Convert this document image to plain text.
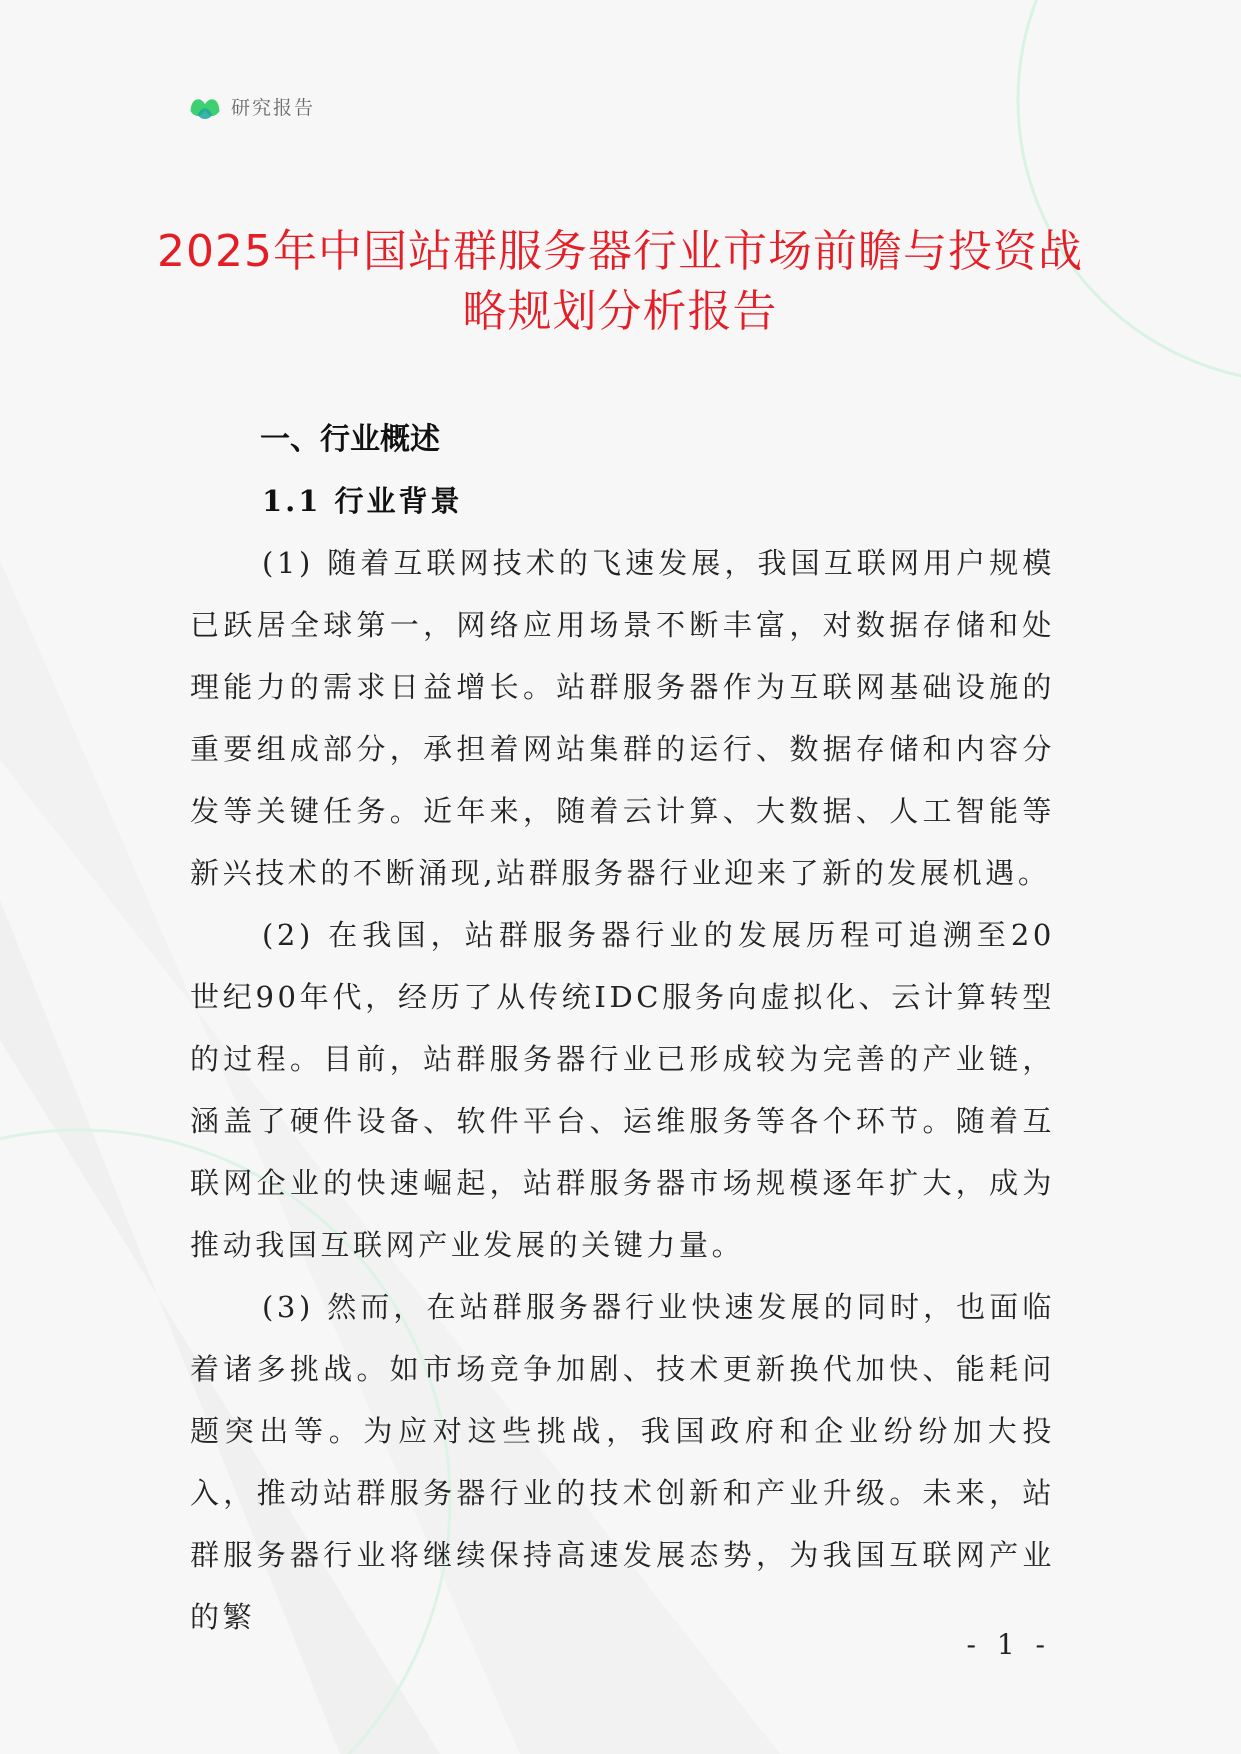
研究报告
2025年中国站群服务器行业市场前瞻与投资战略规划分析报告
一、行业概述
1.1 行业背景

(1) 随着互联网技术的飞速发展，我国互联网用户规模已跃居全球第一，网络应用场景不断丰富，对数据存储和处理能力的需求日益增长。站群服务器作为互联网基础设施的重要组成部分，承担着网站集群的运行、数据存储和内容分发等关键任务。近年来，随着云计算、大数据、人工智能等新兴技术的不断涌现,站群服务器行业迎来了新的发展机遇。

(2) 在我国，站群服务器行业的发展历程可追溯至20世纪90年代，经历了从传统IDC服务向虚拟化、云计算转型的过程。目前，站群服务器行业已形成较为完善的产业链，涵盖了硬件设备、软件平台、运维服务等各个环节。随着互联网企业的快速崛起，站群服务器市场规模逐年扩大，成为推动我国互联网产业发展的关键力量。

(3) 然而，在站群服务器行业快速发展的同时，也面临着诸多挑战。如市场竞争加剧、技术更新换代加快、能耗问题突出等。为应对这些挑战，我国政府和企业纷纷加大投入，推动站群服务器行业的技术创新和产业升级。未来，站群服务器行业将继续保持高速发展态势，为我国互联网产业的繁

- 1 -
